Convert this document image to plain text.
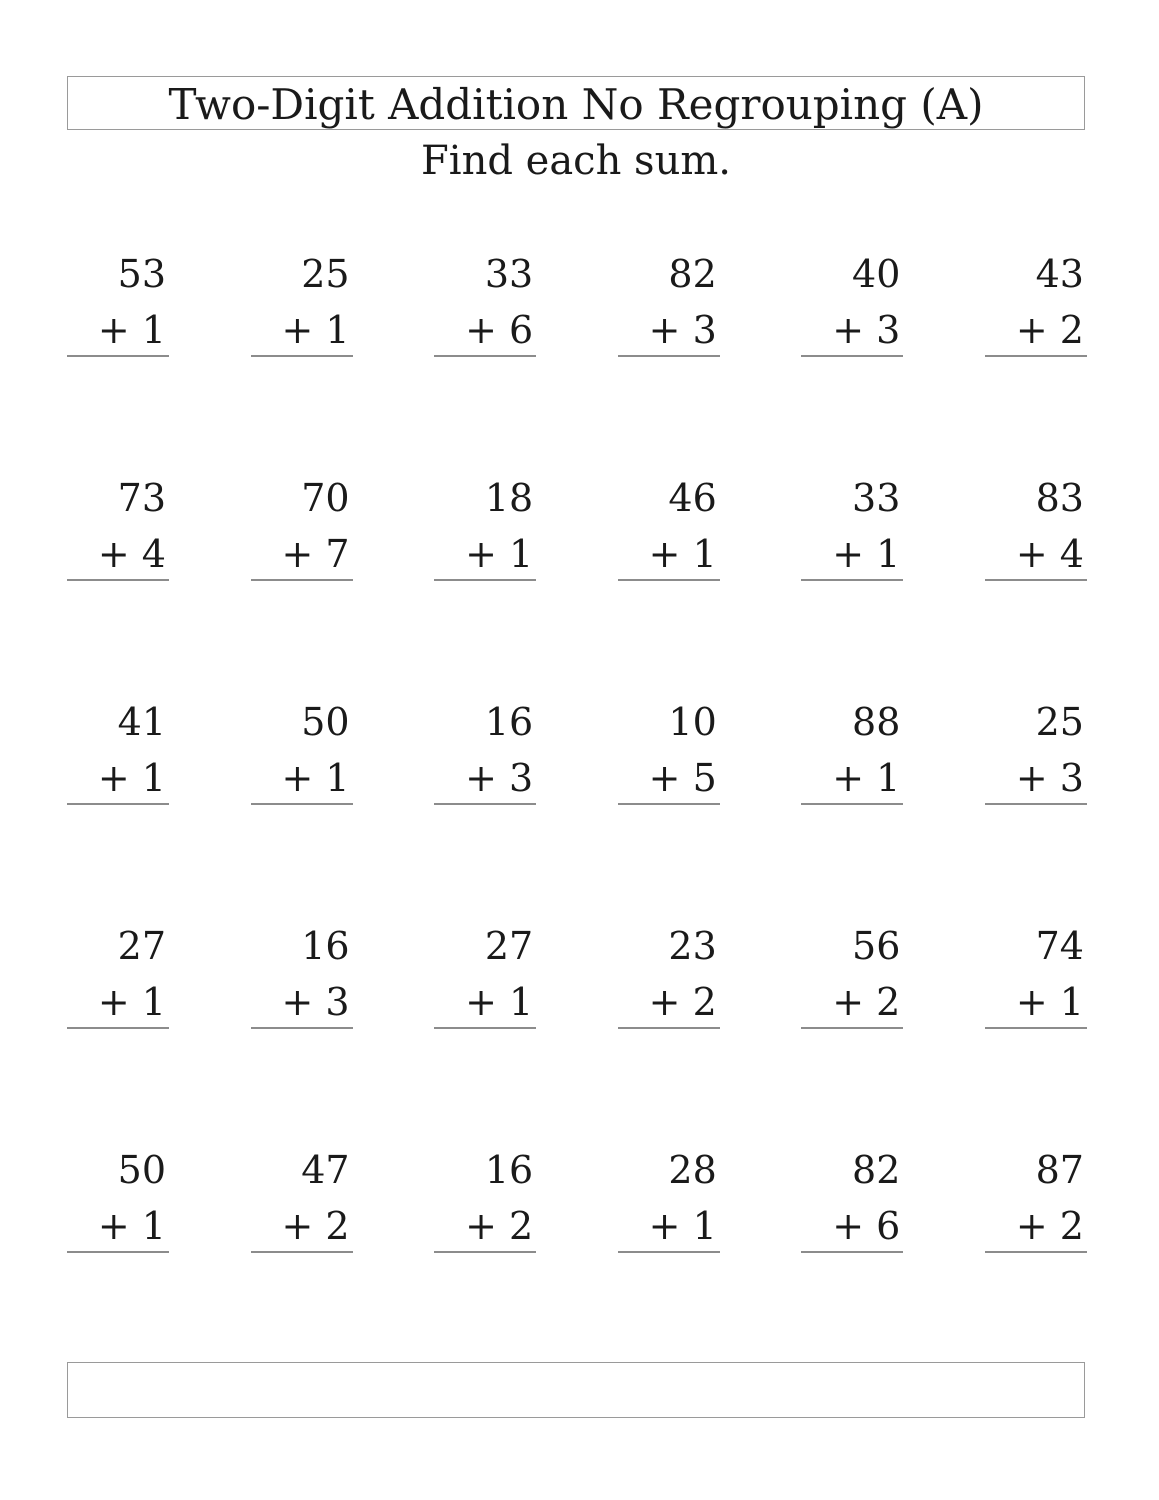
Two-Digit Addition No Regrouping (A)
Find each sum.
53
+ 1
25
+ 1
33
+ 6
82
+ 3
40
+ 3
43
+ 2
73
+ 4
70
+ 7
18
+ 1
46
+ 1
33
+ 1
83
+ 4
41
+ 1
50
+ 1
16
+ 3
10
+ 5
88
+ 1
25
+ 3
27
+ 1
16
+ 3
27
+ 1
23
+ 2
56
+ 2
74
+ 1
50
+ 1
47
+ 2
16
+ 2
28
+ 1
82
+ 6
87
+ 2
